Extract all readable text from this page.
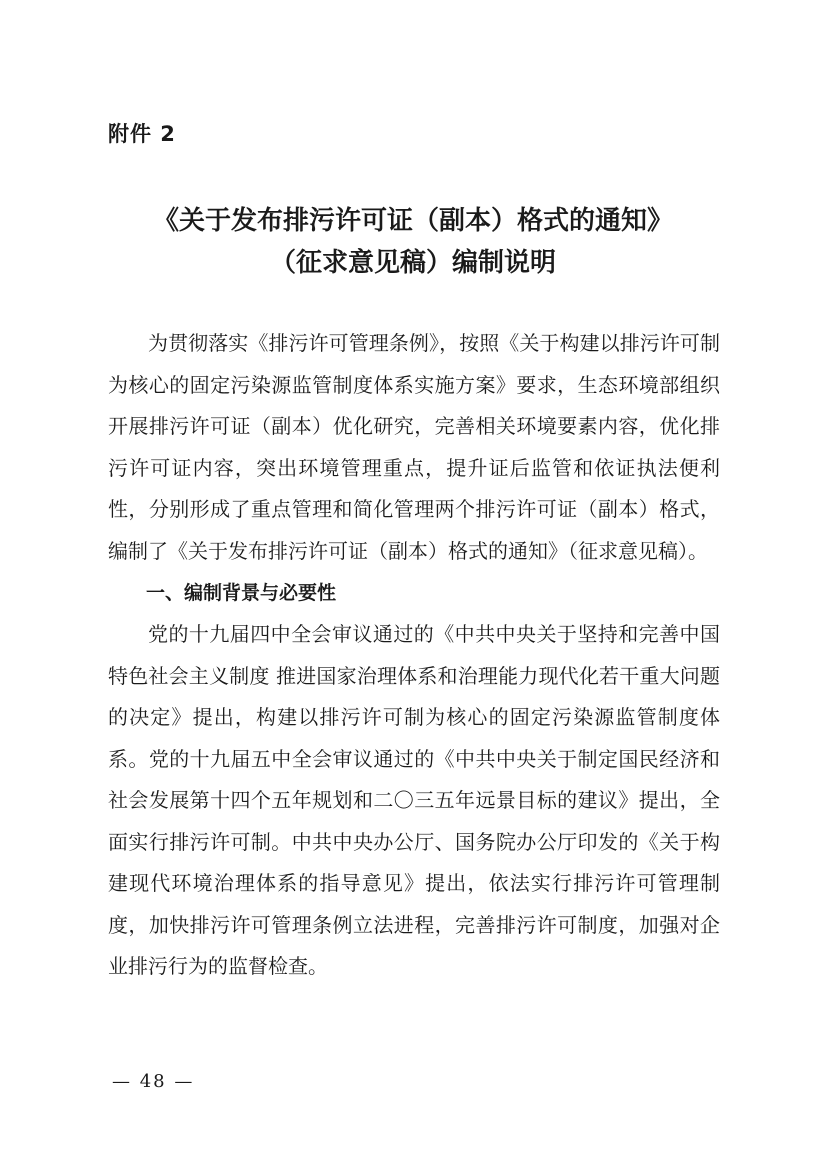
附件 2
《关于发布排污许可证（副本）格式的通知》
（征求意见稿）编制说明

为贯彻落实《排污许可管理条例》，按照《关于构建以排污许可制为核心的固定污染源监管制度体系实施方案》要求，生态环境部组织开展排污许可证（副本）优化研究，完善相关环境要素内容，优化排污许可证内容，突出环境管理重点，提升证后监管和依证执法便利性，分别形成了重点管理和简化管理两个排污许可证（副本）格式，编制了《关于发布排污许可证（副本）格式的通知》（征求意见稿）。

一、编制背景与必要性

党的十九届四中全会审议通过的《中共中央关于坚持和完善中国特色社会主义制度 推进国家治理体系和治理能力现代化若干重大问题的决定》提出，构建以排污许可制为核心的固定污染源监管制度体系。党的十九届五中全会审议通过的《中共中央关于制定国民经济和社会发展第十四个五年规划和二〇三五年远景目标的建议》提出，全面实行排污许可制。中共中央办公厅、国务院办公厅印发的《关于构建现代环境治理体系的指导意见》提出，依法实行排污许可管理制度，加快排污许可管理条例立法进程，完善排污许可制度，加强对企业排污行为的监督检查。

— 48 —
